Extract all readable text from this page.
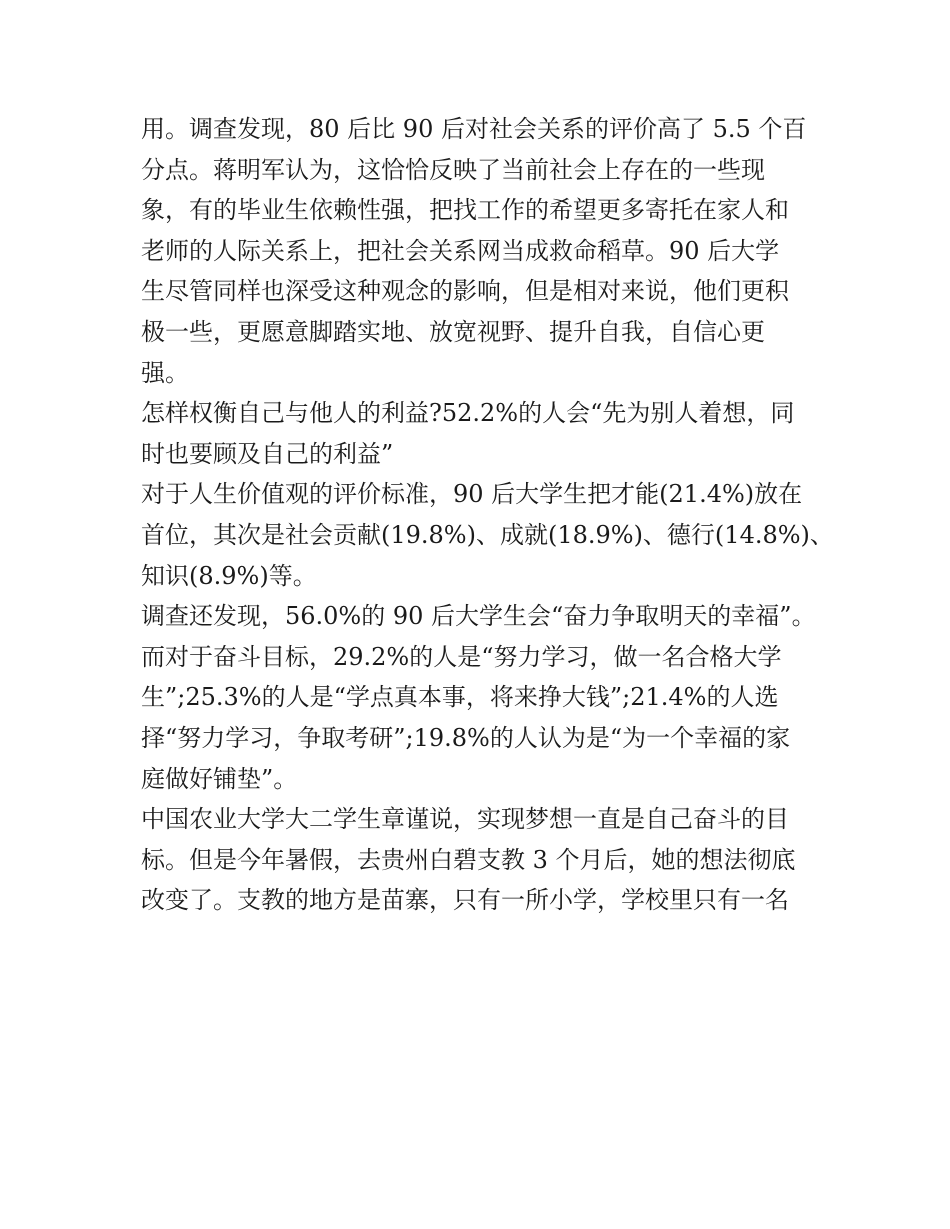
用。调查发现，80 后比 90 后对社会关系的评价高了 5.5 个百
分点。蒋明军认为，这恰恰反映了当前社会上存在的一些现
象，有的毕业生依赖性强，把找工作的希望更多寄托在家人和
老师的人际关系上，把社会关系网当成救命稻草。90 后大学
生尽管同样也深受这种观念的影响，但是相对来说，他们更积
极一些，更愿意脚踏实地、放宽视野、提升自我，自信心更
强。
怎样权衡自己与他人的利益?52.2%的人会“先为别人着想，同
时也要顾及自己的利益”
对于人生价值观的评价标准，90 后大学生把才能(21.4%)放在
首位，其次是社会贡献(19.8%)、成就(18.9%)、德行(14.8%)、
知识(8.9%)等。
调查还发现，56.0%的 90 后大学生会“奋力争取明天的幸福”。
而对于奋斗目标，29.2%的人是“努力学习，做一名合格大学
生”;25.3%的人是“学点真本事，将来挣大钱”;21.4%的人选
择“努力学习，争取考研”;19.8%的人认为是“为一个幸福的家
庭做好铺垫”。
中国农业大学大二学生章谨说，实现梦想一直是自己奋斗的目
标。但是今年暑假，去贵州白碧支教 3 个月后，她的想法彻底
改变了。支教的地方是苗寨，只有一所小学，学校里只有一名
